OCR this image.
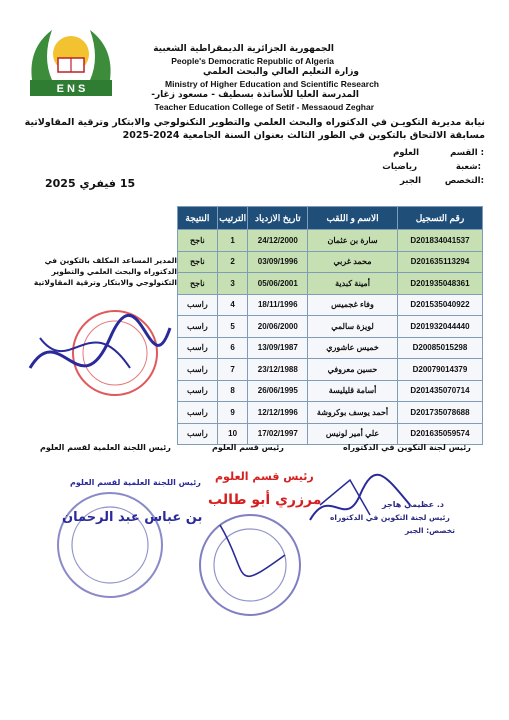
E N S
الجمهورية الجزائرية الديمقراطية الشعبية
People's Democratic Republic of Algeria
وزارة التعليم العالي والبحث العلمي
Ministry of Higher Education and Scientific Research
المدرسة العليا للأساتذة بسطيف - مسعود زغار-
Teacher Education College of Setif - Messaoud Zeghar
نيابة مديرية التكويـن في الدكتوراه والبحث العلمي والتطوير التكنولوجي والابتكار وترقية المقاولاتية
مسابقة الالتحاق بالتكوين في الطور الثالث بعنوان السنة الجامعية 2024-2025
القسم :
العلوم
شعبة:
رياضيات
التخصص:
الجبر
15 فيفري 2025
النتيجة	الترتيب	تاريخ الازدياد	الاسم و اللقب	رقم التسجيل
ناجح	1	24/12/2000	سارة بن عثمان	D201834041537
ناجح	2	03/09/1996	محمد غربي	D201635113294
ناجح	3	05/06/2001	أمينة كبدية	D201935048361
راسب	4	18/11/1996	وفاء غجميس	D201535040922
راسب	5	20/06/2000	لويزة سالمي	D201932044440
راسب	6	13/09/1987	خميس عاشوري	D20085015298
راسب	7	23/12/1988	حسين معروفي	D20079014379
راسب	8	26/06/1995	أسامة قليليسة	D201435070714
راسب	9	12/12/1996	أحمد يوسف بوكروشة	D201735078688
راسب	10	17/02/1997	علي أمير لونيس	D201635059574
المدير المساعد المكلف بالتكوين في الدكتوراه والبحث العلمي والتطوير التكنولوجي والابتكار وترقية المقاولاتية
رئيس اللجنة العلمية لقسم العلوم	رئيس قسم العلوم	رئيس لجنة التكوين في الدكتوراه
رئيس اللجنة العلمية لقسم العلوم
بن عباس عبد الرحمان
رئيس قسم العلوم
مرزري أبو طالب	د. عظيمي هاجر
رئيس لجنة التكوين في الدكتوراه
تخصص: الجبر
